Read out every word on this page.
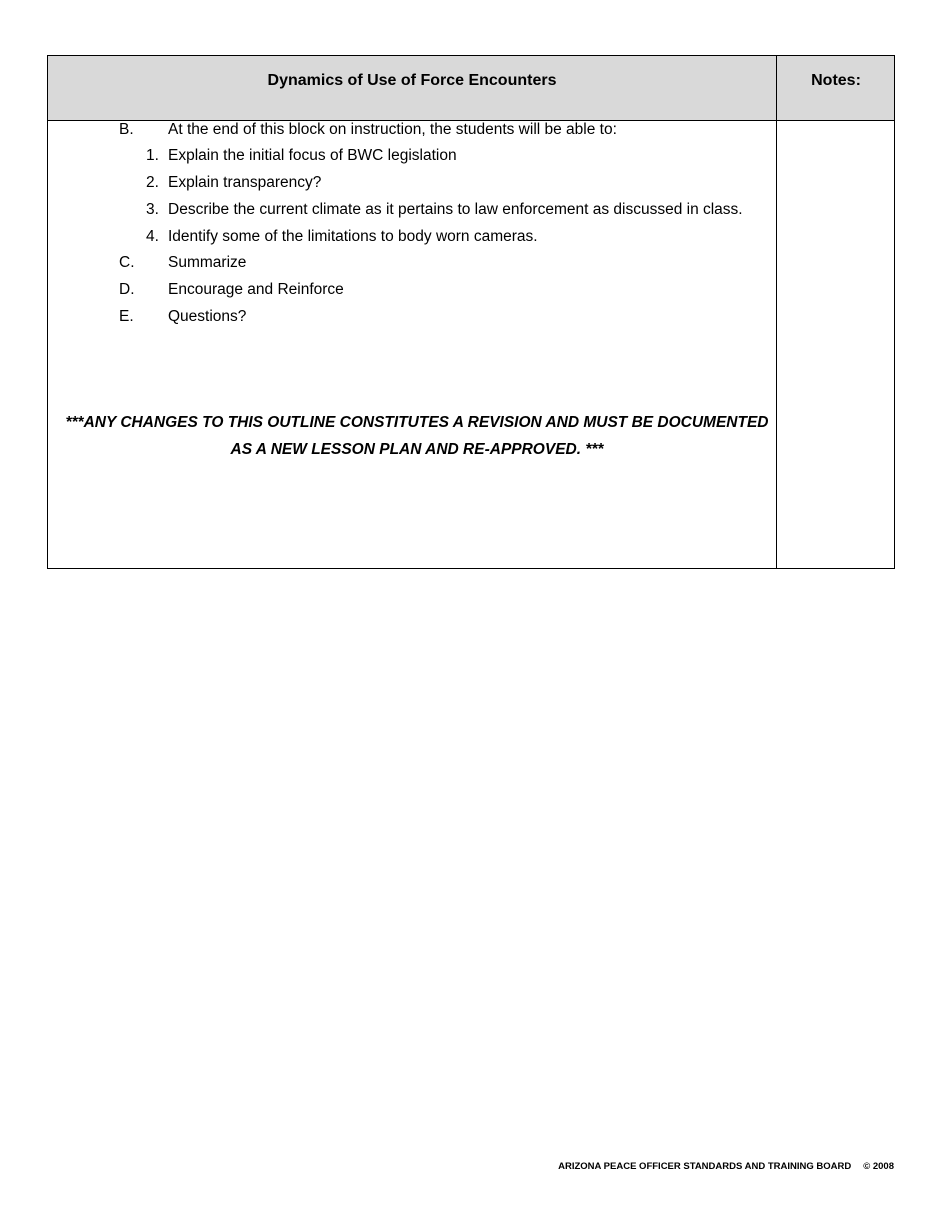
Dynamics of Use of Force Encounters	Notes:
B. At the end of this block on instruction, the students will be able to:
1. Explain the initial focus of BWC legislation
2. Explain transparency?
3. Describe the current climate as it pertains to law enforcement as discussed in class.
4. Identify some of the limitations to body worn cameras.
C. Summarize
D. Encourage and Reinforce
E. Questions?
***ANY CHANGES TO THIS OUTLINE CONSTITUTES A REVISION AND MUST BE DOCUMENTED
AS A NEW LESSON PLAN AND RE-APPROVED. ***
ARIZONA PEACE OFFICER STANDARDS AND TRAINING BOARD © 2008
